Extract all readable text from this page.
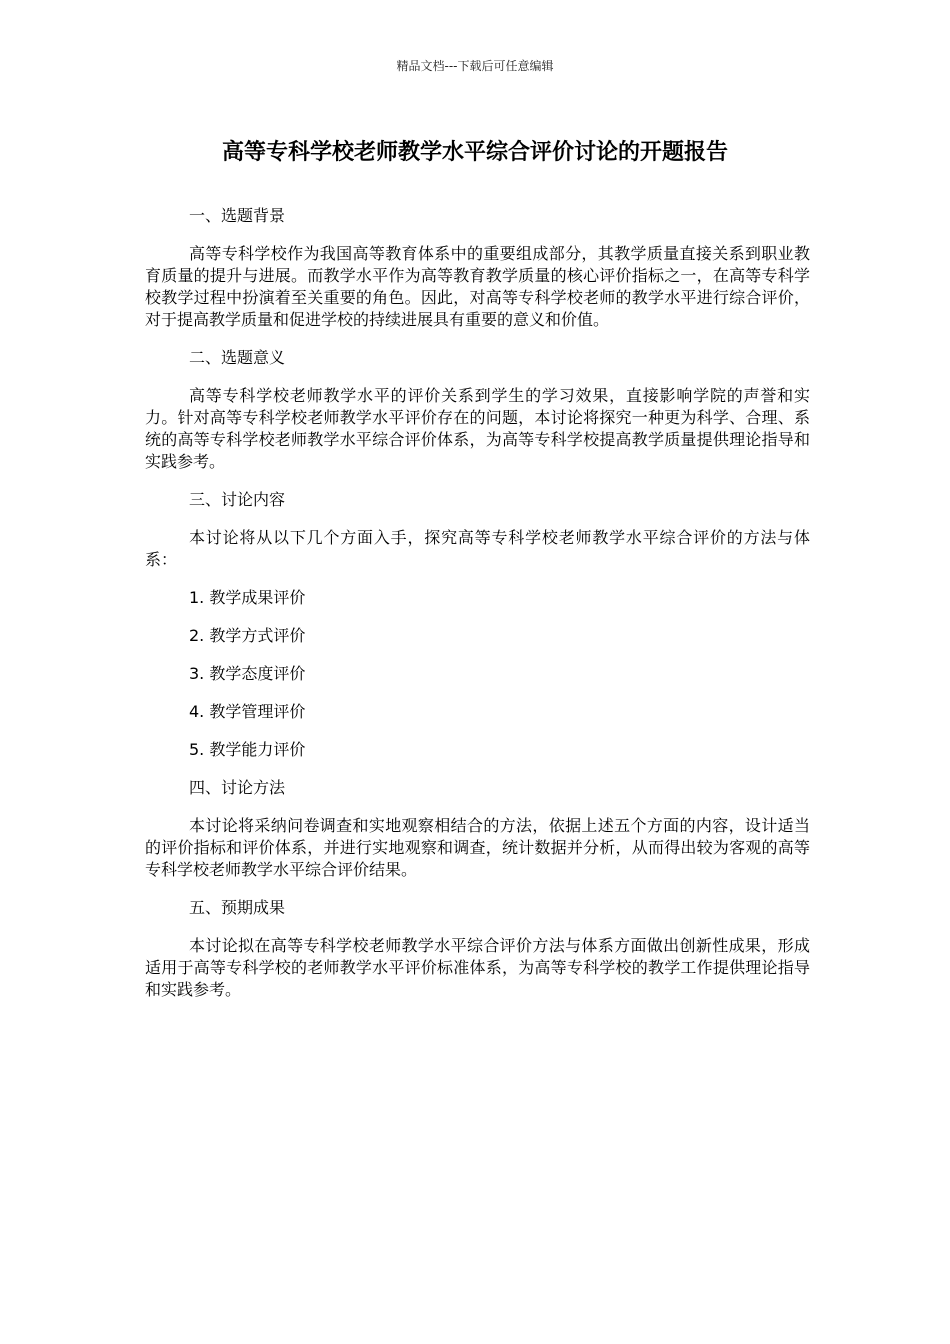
精品文档---下载后可任意编辑
高等专科学校老师教学水平综合评价讨论的开题报告
一、选题背景

高等专科学校作为我国高等教育体系中的重要组成部分，其教学质量直接关系到职业教育质量的提升与进展。而教学水平作为高等教育教学质量的核心评价指标之一，在高等专科学校教学过程中扮演着至关重要的角色。因此，对高等专科学校老师的教学水平进行综合评价，对于提高教学质量和促进学校的持续进展具有重要的意义和价值。

二、选题意义

高等专科学校老师教学水平的评价关系到学生的学习效果，直接影响学院的声誉和实力。针对高等专科学校老师教学水平评价存在的问题，本讨论将探究一种更为科学、合理、系统的高等专科学校老师教学水平综合评价体系，为高等专科学校提高教学质量提供理论指导和实践参考。

三、讨论内容

本讨论将从以下几个方面入手，探究高等专科学校老师教学水平综合评价的方法与体系：

1. 教学成果评价
2. 教学方式评价
3. 教学态度评价
4. 教学管理评价
5. 教学能力评价
四、讨论方法

本讨论将采纳问卷调查和实地观察相结合的方法，依据上述五个方面的内容，设计适当的评价指标和评价体系，并进行实地观察和调查，统计数据并分析，从而得出较为客观的高等专科学校老师教学水平综合评价结果。

五、预期成果

本讨论拟在高等专科学校老师教学水平综合评价方法与体系方面做出创新性成果，形成适用于高等专科学校的老师教学水平评价标准体系，为高等专科学校的教学工作提供理论指导和实践参考。
